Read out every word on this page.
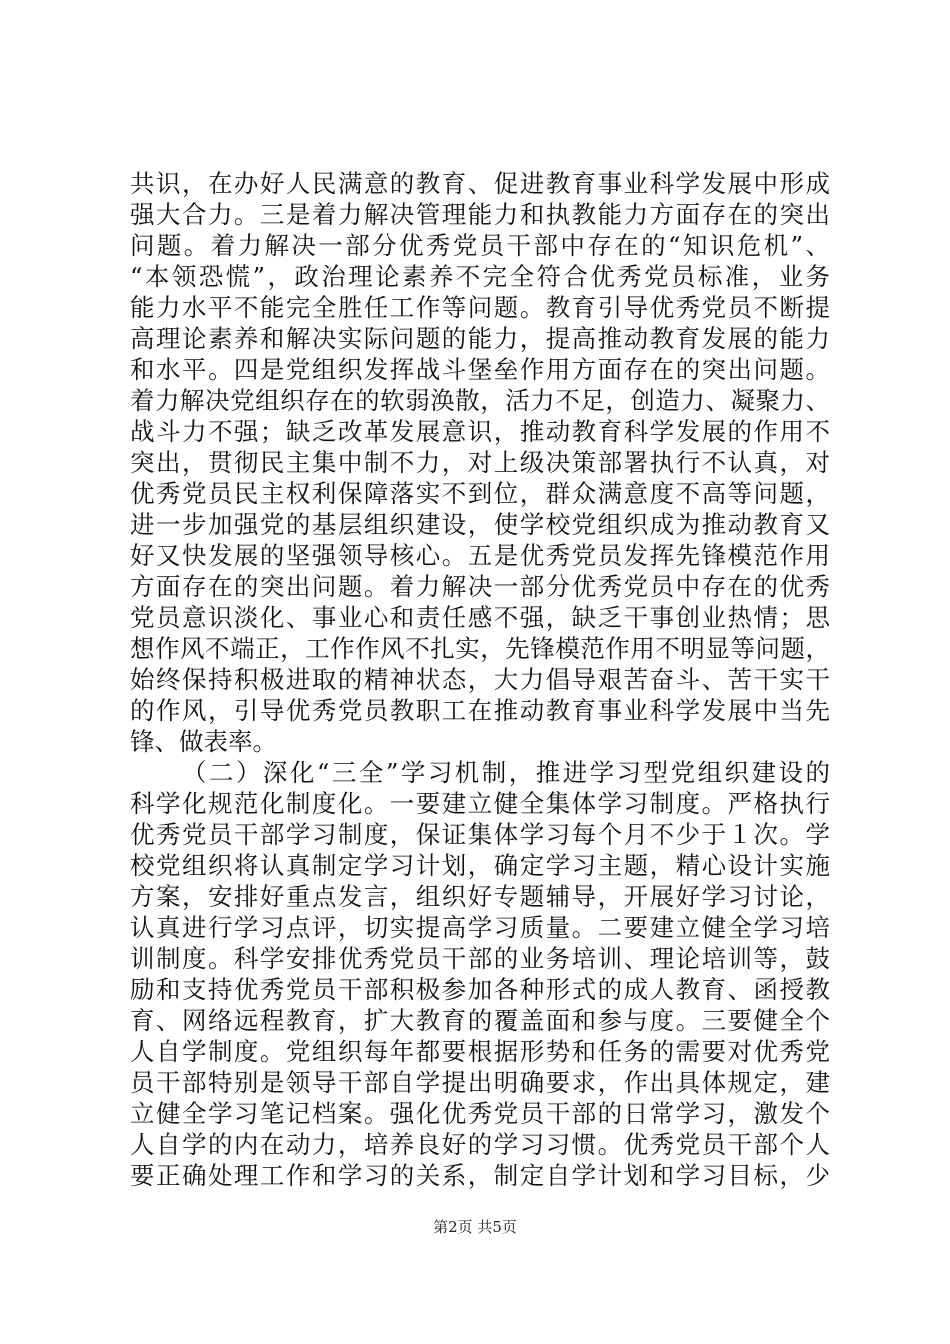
共识，在办好人民满意的教育、促进教育事业科学发展中形成
强大合力。三是着力解决管理能力和执教能力方面存在的突出
问题。着力解决一部分优秀党员干部中存在的“知识危机”、
“本领恐慌”，政治理论素养不完全符合优秀党员标准，业务
能力水平不能完全胜任工作等问题。教育引导优秀党员不断提
高理论素养和解决实际问题的能力，提高推动教育发展的能力
和水平。四是党组织发挥战斗堡垒作用方面存在的突出问题。
着力解决党组织存在的软弱涣散，活力不足，创造力、凝聚力、
战斗力不强；缺乏改革发展意识，推动教育科学发展的作用不
突出，贯彻民主集中制不力，对上级决策部署执行不认真，对
优秀党员民主权利保障落实不到位，群众满意度不高等问题，
进一步加强党的基层组织建设，使学校党组织成为推动教育又
好又快发展的坚强领导核心。五是优秀党员发挥先锋模范作用
方面存在的突出问题。着力解决一部分优秀党员中存在的优秀
党员意识淡化、事业心和责任感不强，缺乏干事创业热情；思
想作风不端正，工作作风不扎实，先锋模范作用不明显等问题，
始终保持积极进取的精神状态，大力倡导艰苦奋斗、苦干实干
的作风，引导优秀党员教职工在推动教育事业科学发展中当先
锋、做表率。
（二）深化“三全”学习机制，推进学习型党组织建设的
科学化规范化制度化。一要建立健全集体学习制度。严格执行
优秀党员干部学习制度，保证集体学习每个月不少于１次。学
校党组织将认真制定学习计划，确定学习主题，精心设计实施
方案，安排好重点发言，组织好专题辅导，开展好学习讨论，
认真进行学习点评，切实提高学习质量。二要建立健全学习培
训制度。科学安排优秀党员干部的业务培训、理论培训等，鼓
励和支持优秀党员干部积极参加各种形式的成人教育、函授教
育、网络远程教育，扩大教育的覆盖面和参与度。三要健全个
人自学制度。党组织每年都要根据形势和任务的需要对优秀党
员干部特别是领导干部自学提出明确要求，作出具体规定，建
立健全学习笔记档案。强化优秀党员干部的日常学习，激发个
人自学的内在动力，培养良好的学习习惯。优秀党员干部个人
要正确处理工作和学习的关系，制定自学计划和学习目标，少
第2页 共5页
